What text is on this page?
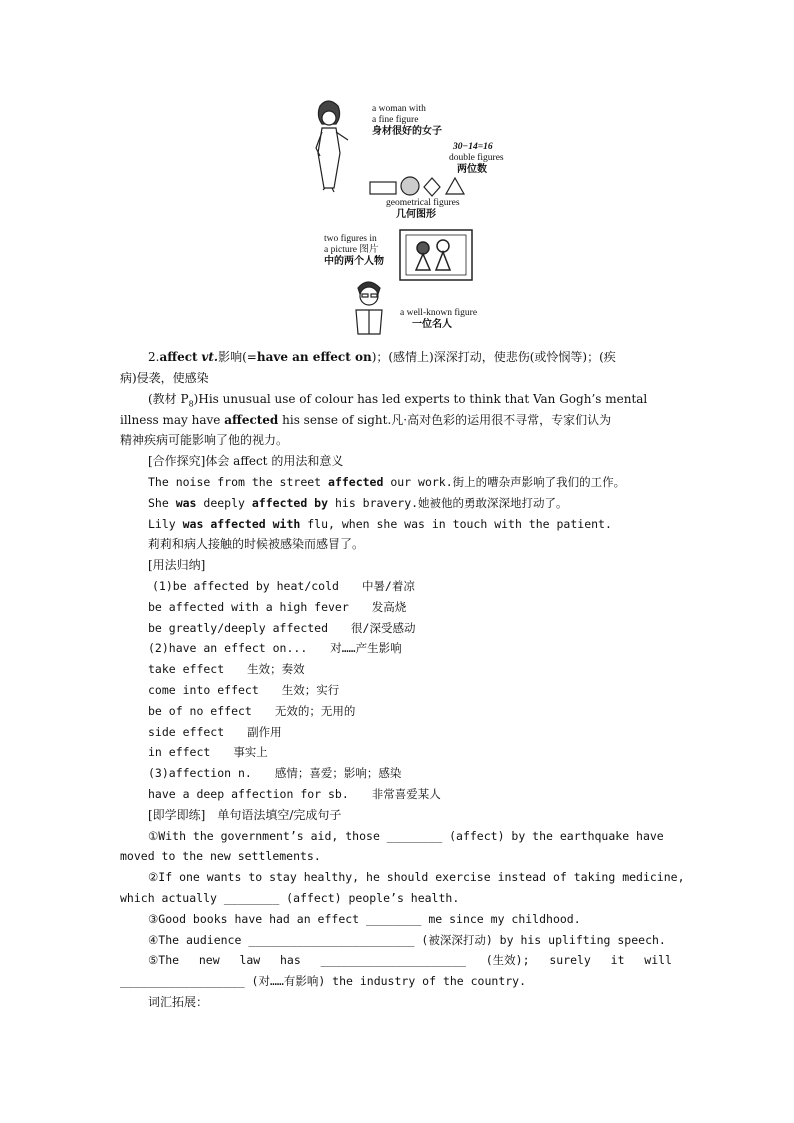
a woman with
a fine figure
身材很好的女子
30−14=16
double figures
两位数
geometrical figures
几何图形
two figures in
a picture 图片
中的两个人物
a well-known figure
一位名人
2.affect vt.影响(=have an effect on)；(感情上)深深打动，使悲伤(或怜悯等)；(疾
病)侵袭，使感染
(教材 $P_8)His$ unusual use of colour has led experts to think that Van Gogh’s mental
illness may have affected his sense of sight.凡·高对色彩的运用很不寻常，专家们认为
精神疾病可能影响了他的视力。
[合作探究]体会 affect 的用法和意义
The noise from the street affected our work.街上的嘈杂声影响了我们的工作。
She was deeply affected by his bravery.她被他的勇敢深深地打动了。
Lily was affected with flu, when she was in touch with the patient.
莉莉和病人接触的时候被感染而感冒了。
[用法归纳]
(1)be affected by heat/cold　　 中暑/着凉
be affected with a high fever　　 发高烧
be greatly/deeply affected　　 很/深受感动
(2)have an effect on...　　 对……产生影响
take effect　　 生效；奏效
come into effect　　 生效；实行
be of no effect　　 无效的；无用的
side effect　　 副作用
in effect　　 事实上
(3)affection n.　　 感情；喜爱；影响；感染
have a deep affection for sb.　　 非常喜爱某人
[即学即练]　单句语法填空/完成句子
①With the government’s aid, those ________ (affect) by the earthquake have
moved to the new settlements.
②If one wants to stay healthy, he should exercise instead of taking medicine,
which actually ________ (affect) people’s health.
③Good books have had an effect ________ me since my childhood.
④The audience ________________________ (被深深打动) by his uplifting speech.
⑤The new law has _____________________ (生效); surely it will
__________________ (对……有影响) the industry of the country.
词汇拓展：
